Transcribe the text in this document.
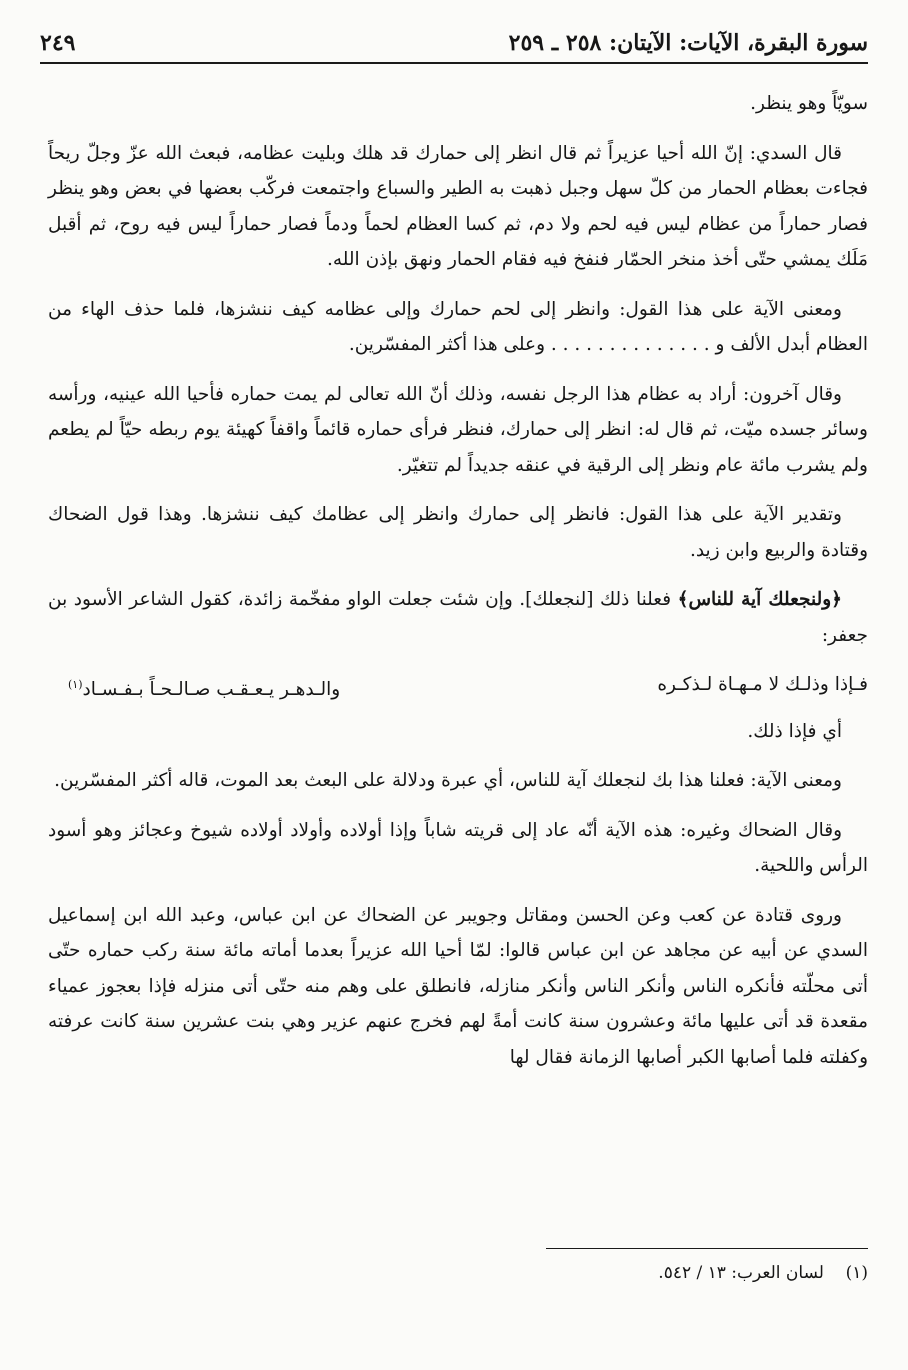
سورة البقرة، الآيات: الآيتان: ٢٥٨ ـ ٢٥٩
٢٤٩

سويّاً وهو ينظر.

قال السدي: إنّ الله أحيا عزيراً ثم قال انظر إلى حمارك قد هلك وبليت عظامه، فبعث الله عزّ وجلّ ريحاً فجاءت بعظام الحمار من كلّ سهل وجبل ذهبت به الطير والسباع واجتمعت فركّب بعضها في بعض وهو ينظر فصار حماراً من عظام ليس فيه لحم ولا دم، ثم كسا العظام لحماً ودماً فصار حماراً ليس فيه روح، ثم أقبل مَلَك يمشي حتّى أخذ منخر الحمّار فنفخ فيه فقام الحمار ونهق بإذن الله.

ومعنى الآية على هذا القول: وانظر إلى لحم حمارك وإلى عظامه كيف ننشزها، فلما حذف الهاء من العظام أبدل الألف و . . . . . . . . . . . . . . وعلى هذا أكثر المفسّرين.

وقال آخرون: أراد به عظام هذا الرجل نفسه، وذلك أنّ الله تعالى لم يمت حماره فأحيا الله عينيه، ورأسه وسائر جسده ميّت، ثم قال له: انظر إلى حمارك، فنظر فرأى حماره قائماً واقفاً كهيئة يوم ربطه حيّاً لم يطعم ولم يشرب مائة عام ونظر إلى الرقية في عنقه جديداً لم تتغيّر.

وتقدير الآية على هذا القول: فانظر إلى حمارك وانظر إلى عظامك كيف ننشزها. وهذا قول الضحاك وقتادة والربيع وابن زيد.

﴿ولنجعلك آية للناس﴾ فعلنا ذلك [لنجعلك]. وإن شئت جعلت الواو مفخّمة زائدة، كقول الشاعر الأسود بن جعفر:

فـإذا وذلـك لا مـهـاة لـذكـره
والـدهـر يـعـقـب صـالـحـاً بـفـسـاد$^{(١)}$

أي فإذا ذلك.

ومعنى الآية: فعلنا هذا بك لنجعلك آية للناس، أي عبرة ودلالة على البعث بعد الموت، قاله أكثر المفسّرين.

وقال الضحاك وغيره: هذه الآية أنّه عاد إلى قريته شاباً وإذا أولاده وأولاد أولاده شيوخ وعجائز وهو أسود الرأس واللحية.

وروى قتادة عن كعب وعن الحسن ومقاتل وجويبر عن الضحاك عن ابن عباس، وعبد الله ابن إسماعيل السدي عن أبيه عن مجاهد عن ابن عباس قالوا: لمّا أحيا الله عزيراً بعدما أماته مائة سنة ركب حماره حتّى أتى محلّته فأنكره الناس وأنكر الناس وأنكر منازله، فانطلق على وهم منه حتّى أتى منزله فإذا بعجوز عمياء مقعدة قد أتى عليها مائة وعشرون سنة كانت أمةً لهم فخرج عنهم عزير وهي بنت عشرين سنة كانت عرفته وكفلته فلما أصابها الكبر أصابها الزمانة فقال لها

(١)    لسان العرب: ١٣ / ٥٤٢.
